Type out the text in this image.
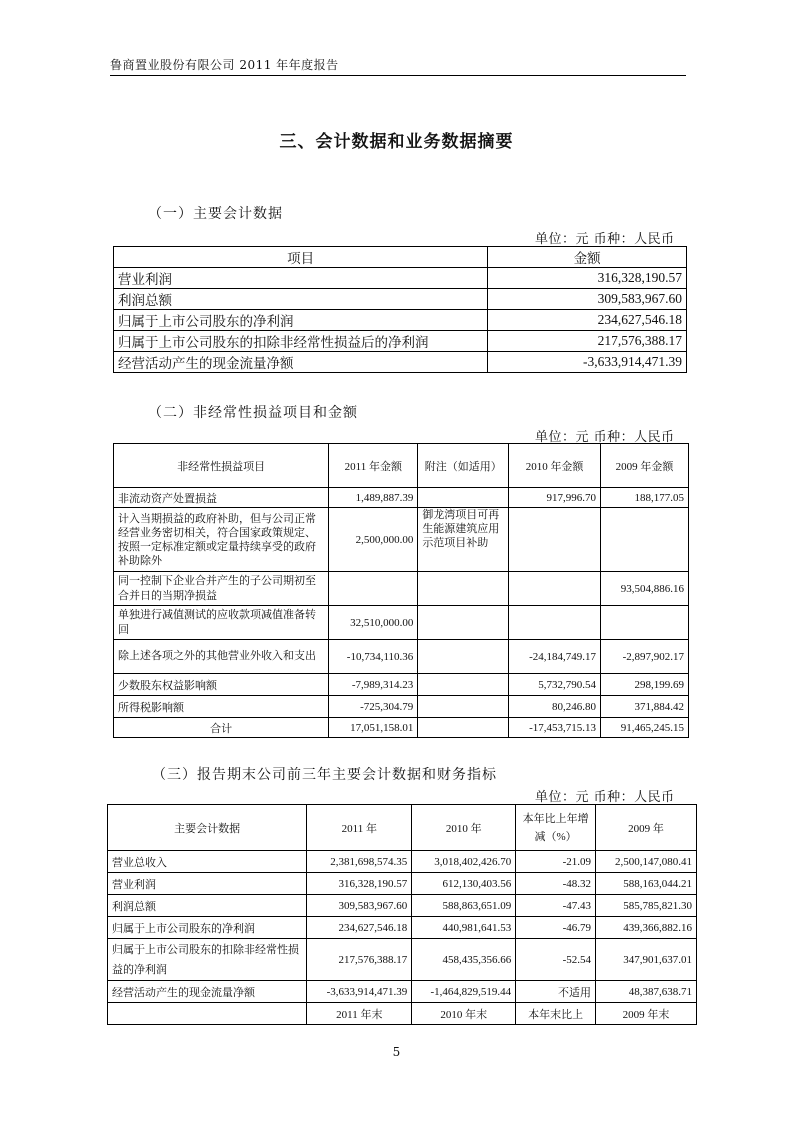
鲁商置业股份有限公司 2011 年年度报告
三、会计数据和业务数据摘要
（一）主要会计数据
单位：元 币种：人民币
项目	金额
营业利润	316,328,190.57
利润总额	309,583,967.60
归属于上市公司股东的净利润	234,627,546.18
归属于上市公司股东的扣除非经常性损益后的净利润	217,576,388.17
经营活动产生的现金流量净额	-3,633,914,471.39
（二）非经常性损益项目和金额
单位：元 币种：人民币
非经常性损益项目	2011 年金额	附注（如适用）	2010 年金额	2009 年金额
非流动资产处置损益	1,489,887.39		917,996.70	188,177.05
计入当期损益的政府补助，但与公司正常经营业务密切相关，符合国家政策规定、按照一定标准定额或定量持续享受的政府补助除外	2,500,000.00	御龙湾项目可再生能源建筑应用示范项目补助		
同一控制下企业合并产生的子公司期初至合并日的当期净损益				93,504,886.16
单独进行减值测试的应收款项减值准备转回	32,510,000.00			
除上述各项之外的其他营业外收入和支出	-10,734,110.36		-24,184,749.17	-2,897,902.17
少数股东权益影响额	-7,989,314.23		5,732,790.54	298,199.69
所得税影响额	-725,304.79		80,246.80	371,884.42
合计	17,051,158.01		-17,453,715.13	91,465,245.15
（三）报告期末公司前三年主要会计数据和财务指标
单位：元 币种：人民币
主要会计数据	2011 年	2010 年	本年比上年增减（%）	2009 年
营业总收入	2,381,698,574.35	3,018,402,426.70	-21.09	2,500,147,080.41
营业利润	316,328,190.57	612,130,403.56	-48.32	588,163,044.21
利润总额	309,583,967.60	588,863,651.09	-47.43	585,785,821.30
归属于上市公司股东的净利润	234,627,546.18	440,981,641.53	-46.79	439,366,882.16
归属于上市公司股东的扣除非经常性损益的净利润	217,576,388.17	458,435,356.66	-52.54	347,901,637.01
经营活动产生的现金流量净额	-3,633,914,471.39	-1,464,829,519.44	不适用	48,387,638.71
	2011 年末	2010 年末	本年末比上	2009 年末
5
